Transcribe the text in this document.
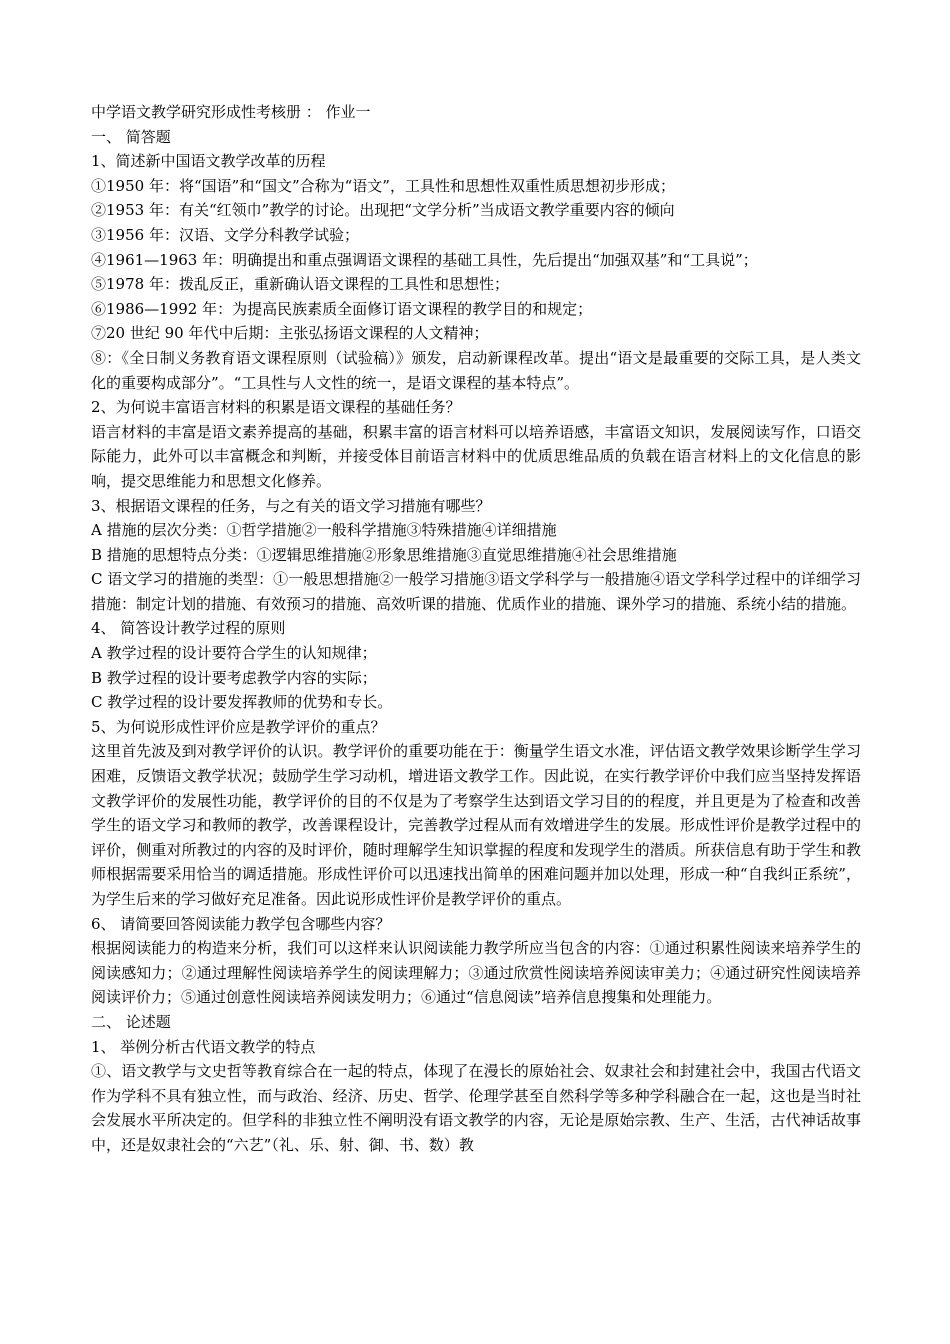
中学语文教学研究形成性考核册 ： 作业一
一、 简答题
1、简述新中国语文教学改革的历程
①1950 年：将“国语”和“国文”合称为“语文”，工具性和思想性双重性质思想初步形成；
②1953 年：有关“红领巾”教学的讨论。出现把“文学分析”当成语文教学重要内容的倾向
③1956 年：汉语、文学分科教学试验；
④1961—1963 年：明确提出和重点强调语文课程的基础工具性，先后提出“加强双基”和“工具说”；
⑤1978 年：拨乱反正，重新确认语文课程的工具性和思想性；
⑥1986—1992 年：为提高民族素质全面修订语文课程的教学目的和规定；
⑦20 世纪 90 年代中后期：主张弘扬语文课程的人文精神；
⑧：《全日制义务教育语文课程原则（试验稿）》颁发，启动新课程改革。提出“语文是最重要的交际工具，是人类文化的重要构成部分”。“工具性与人文性的统一，是语文课程的基本特点”。
2、为何说丰富语言材料的积累是语文课程的基础任务？
语言材料的丰富是语文素养提高的基础，积累丰富的语言材料可以培养语感，丰富语文知识，发展阅读写作，口语交际能力，此外可以丰富概念和判断，并接受体目前语言材料中的优质思维品质的负载在语言材料上的文化信息的影响，提交思维能力和思想文化修养。
3、根据语文课程的任务，与之有关的语文学习措施有哪些？
A 措施的层次分类：①哲学措施②一般科学措施③特殊措施④详细措施
B 措施的思想特点分类：①逻辑思维措施②形象思维措施③直觉思维措施④社会思维措施
C 语文学习的措施的类型：①一般思想措施②一般学习措施③语文学科学与一般措施④语文学科学过程中的详细学习措施：制定计划的措施、有效预习的措施、高效听课的措施、优质作业的措施、课外学习的措施、系统小结的措施。
4、 简答设计教学过程的原则
A 教学过程的设计要符合学生的认知规律；
B 教学过程的设计要考虑教学内容的实际；
C 教学过程的设计要发挥教师的优势和专长。
5、为何说形成性评价应是教学评价的重点？
这里首先波及到对教学评价的认识。教学评价的重要功能在于：衡量学生语文水准，评估语文教学效果诊断学生学习困难，反馈语文教学状况；鼓励学生学习动机，增进语文教学工作。因此说，在实行教学评价中我们应当坚持发挥语文教学评价的发展性功能，教学评价的目的不仅是为了考察学生达到语文学习目的的程度，并且更是为了检查和改善学生的语文学习和教师的教学，改善课程设计，完善教学过程从而有效增进学生的发展。形成性评价是教学过程中的评价，侧重对所教过的内容的及时评价，随时理解学生知识掌握的程度和发现学生的潜质。所获信息有助于学生和教师根据需要采用恰当的调适措施。形成性评价可以迅速找出简单的困难问题并加以处理，形成一种“自我纠正系统”，为学生后来的学习做好充足准备。因此说形成性评价是教学评价的重点。
6、 请简要回答阅读能力教学包含哪些内容？
根据阅读能力的构造来分析，我们可以这样来认识阅读能力教学所应当包含的内容：①通过积累性阅读来培养学生的阅读感知力；②通过理解性阅读培养学生的阅读理解力；③通过欣赏性阅读培养阅读审美力；④通过研究性阅读培养阅读评价力；⑤通过创意性阅读培养阅读发明力；⑥通过“信息阅读”培养信息搜集和处理能力。
二、 论述题
1、 举例分析古代语文教学的特点
①、语文教学与文史哲等教育综合在一起的特点，体现了在漫长的原始社会、奴隶社会和封建社会中，我国古代语文作为学科不具有独立性，而与政治、经济、历史、哲学、伦理学甚至自然科学等多种学科融合在一起，这也是当时社会发展水平所决定的。但学科的非独立性不阐明没有语文教学的内容，无论是原始宗教、生产、生活，古代神话故事中，还是奴隶社会的“六艺”（礼、乐、射、御、书、数）教
